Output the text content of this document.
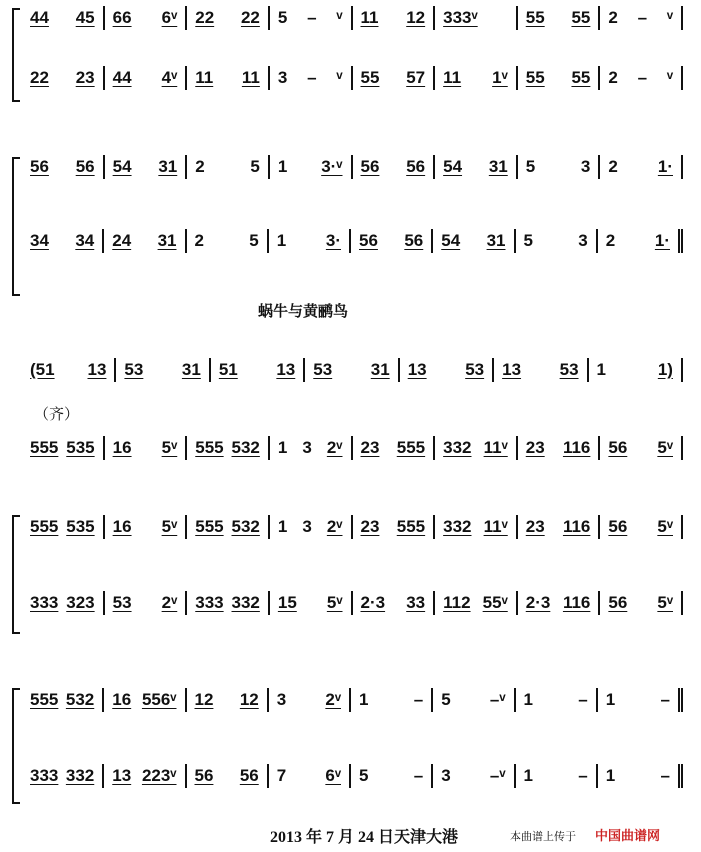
44 45 66 6ᵛ 22 22 5 – ᵛ 11 12 333ᵛ	55 55 2 – ᵛ
22 23 44 4ᵛ 11 11 3 – ᵛ 55 57 11 1ᵛ 55 55 2 – ᵛ
56 56 54 31 2	5 1 3·ᵛ 56 56 54 31 5	3 2 1·
34 34 24 31 2	5 1 3· 56 56 54 31 5	3 2 1·
蜗牛与黄鹂鸟
(51 13 53 31 51 13 53 31 13 53 13 53 1	1)
（齐）
555 535 16 5ᵛ 555 532 1 3 2ᵛ 23 555 332 11ᵛ 23 116 56 5ᵛ
555 535 16 5ᵛ 555 532 1 3 2ᵛ 23 555 332 11ᵛ 23 116 56 5ᵛ
333 323 53 2ᵛ 333 332 15 5ᵛ 2·3 33 112 55ᵛ 2·3 116 56 5ᵛ
555 532 16 556ᵛ 12 12 3 2ᵛ 1	– 5 –ᵛ 1	– 1	–
333 332 13 223ᵛ 56 56 7 6ᵛ 5	– 3 –ᵛ 1	– 1	–
2013 年 7 月 24 日天津大港	本曲谱上传于 中国曲谱网
